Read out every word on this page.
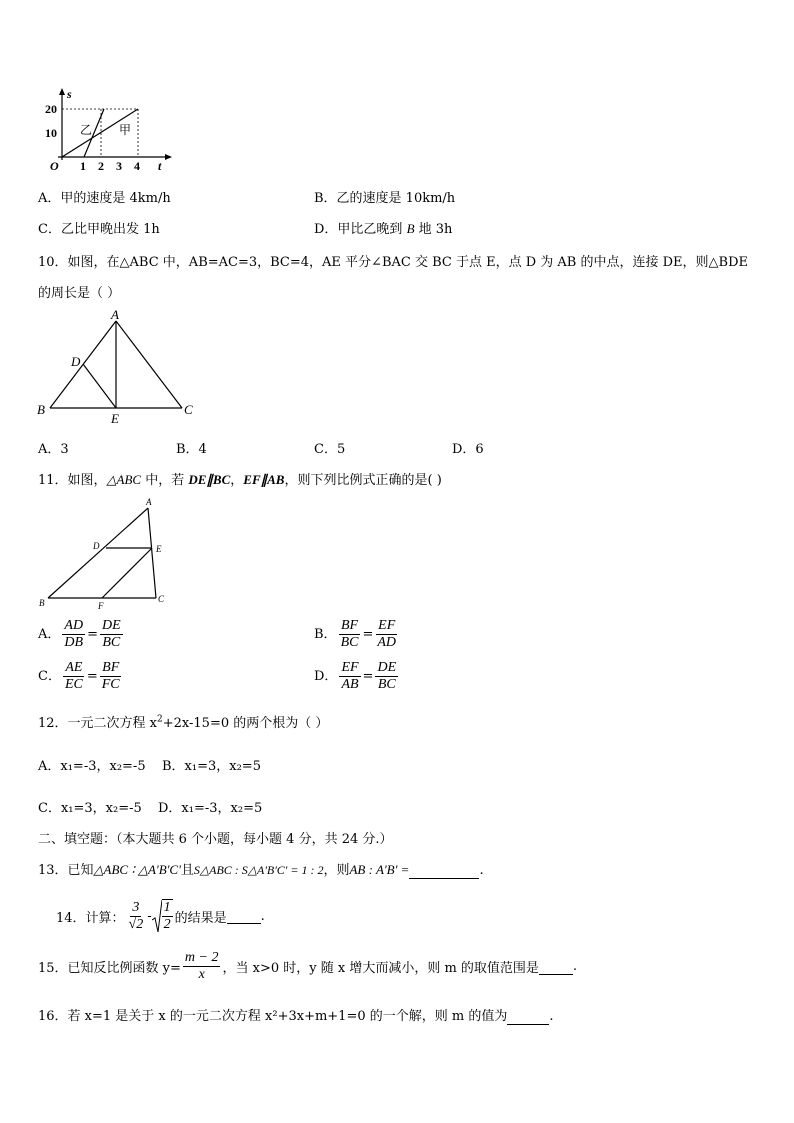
s
t
O
20
10
1 2 3 4
乙 甲
A．甲的速度是 4km/h	B．乙的速度是 10km/h
C．乙比甲晚出发 1h	D．甲比乙晚到 B 地 3h
10．如图，在△ABC 中，AB=AC=3，BC=4，AE 平分∠BAC 交 BC 于点 E，点 D 为 AB 的中点，连接 DE，则△BDE
的周长是（ ）
A
D
B
E
C
A．3	B．4	C．5	D．6
11．如图，△ABC 中，若 DE∥BC，EF∥AB，则下列比例式正确的是( )
A
D	E
B	F
C
A． $\frac{AD}{DB} = \frac{DE}{BC}$	B． $\frac{BF}{BC} = \frac{EF}{AD}$
C． $\frac{AE}{EC} = \frac{BF}{FC}$	D． $\frac{EF}{AB} = \frac{DE}{BC}$
12．一元二次方程 $x^2+2x-15=0$ 的两个根为（ ）
A．x₁=-3，x₂=-5 B．x₁=3，x₂=5
C．x₁=3，x₂=-5 D．x₁=-3，x₂=5
二、填空题：（本大题共 6 个小题，每小题 4 分，共 24 分.）
13．已知△ABC ∶ △A'B'C'且S△ABC : S△A'B'C' = 1 : 2，则AB : A'B' =	.
14．计算： $\frac{3}{√2} - \frac{1}{2}$ 的结果是	.
15．已知反比例函数 $y= \frac{m - 2}{x}$ ，当 x>0 时，y 随 x 增大而减小，则 m 的取值范围是	.
16．若 x=1 是关于 x 的一元二次方程 x²+3x+m+1=0 的一个解，则 m 的值为	.
